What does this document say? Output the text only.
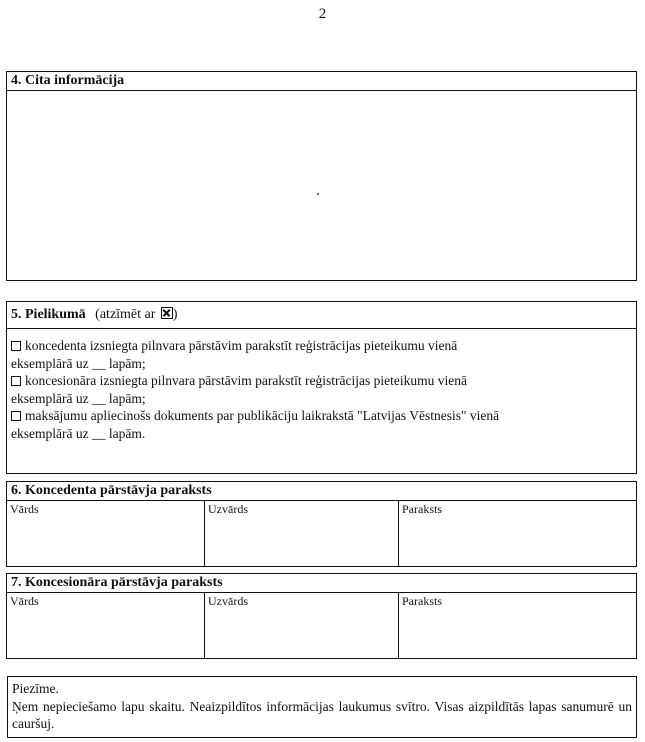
2
4. Cita informācija
5. Pielikumā (atzīmēt ar )
koncedenta izsniegta pilnvara pārstāvim parakstīt reģistrācijas pieteikumu vienā
eksemplārā uz __ lapām;
koncesionāra izsniegta pilnvara pārstāvim parakstīt reģistrācijas pieteikumu vienā
eksemplārā uz __ lapām;
maksājumu apliecinošs dokuments par publikāciju laikrakstā "Latvijas Vēstnesis" vienā
eksemplārā uz __ lapām.
6. Koncedenta pārstāvja paraksts
Vārds	Uzvārds	Paraksts
7. Koncesionāra pārstāvja paraksts
Vārds	Uzvārds	Paraksts
Piezīme.
Ņem nepieciešamo lapu skaitu. Neaizpildītos informācijas laukumus svītro. Visas aizpildītās lapas sanumurē un cauršuj.
